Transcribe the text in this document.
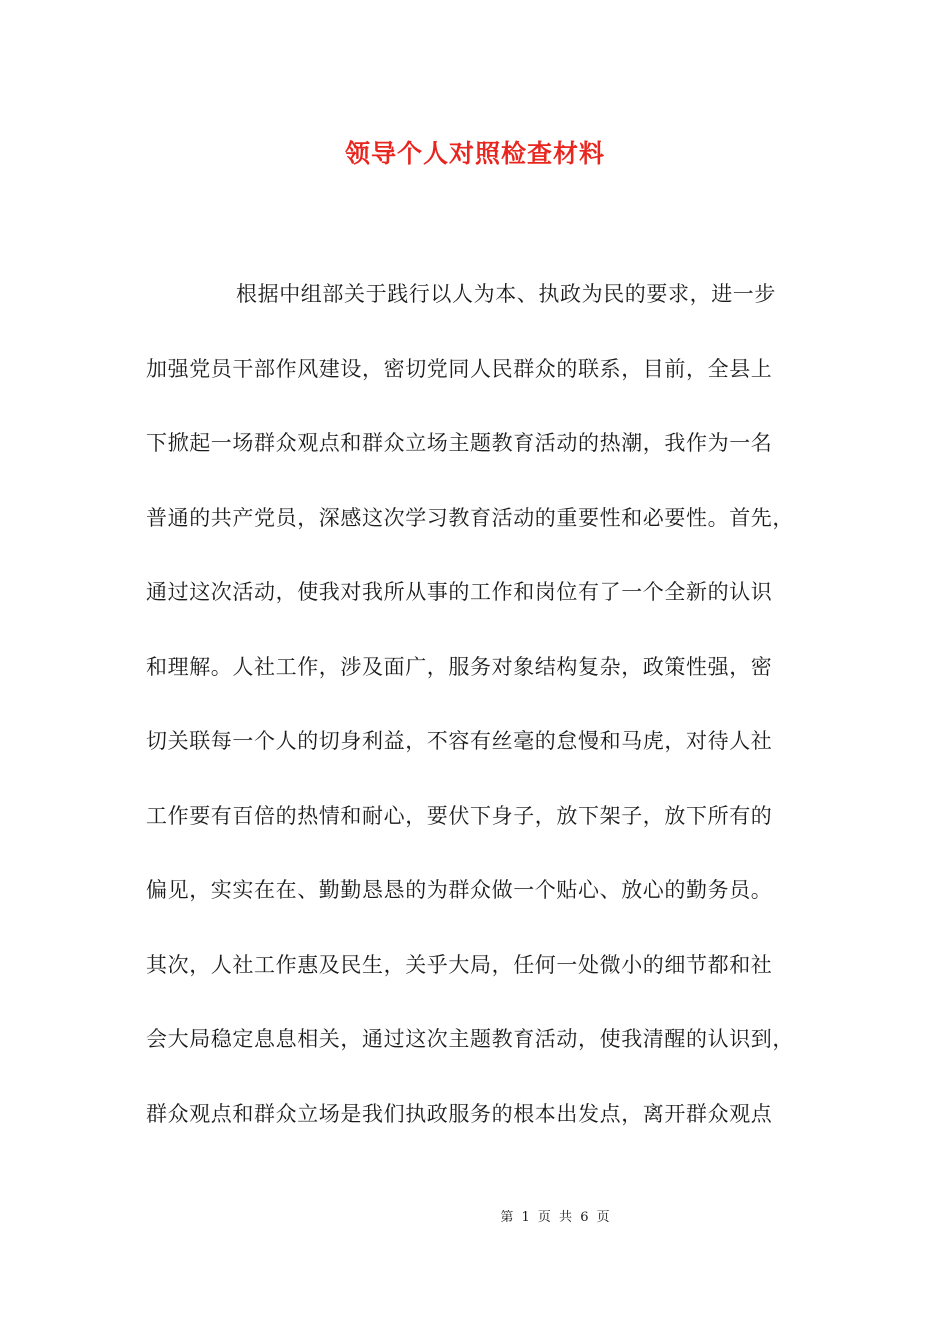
领导个人对照检查材料
根据中组部关于践行以人为本、执政为民的要求，进一步
加强党员干部作风建设，密切党同人民群众的联系，目前，全县上
下掀起一场群众观点和群众立场主题教育活动的热潮，我作为一名
普通的共产党员，深感这次学习教育活动的重要性和必要性。首先，
通过这次活动，使我对我所从事的工作和岗位有了一个全新的认识
和理解。人社工作，涉及面广，服务对象结构复杂，政策性强，密
切关联每一个人的切身利益，不容有丝毫的怠慢和马虎，对待人社
工作要有百倍的热情和耐心，要伏下身子，放下架子，放下所有的
偏见，实实在在、勤勤恳恳的为群众做一个贴心、放心的勤务员。
其次，人社工作惠及民生，关乎大局，任何一处微小的细节都和社
会大局稳定息息相关，通过这次主题教育活动，使我清醒的认识到，
群众观点和群众立场是我们执政服务的根本出发点，离开群众观点
第 1 页 共 6 页
